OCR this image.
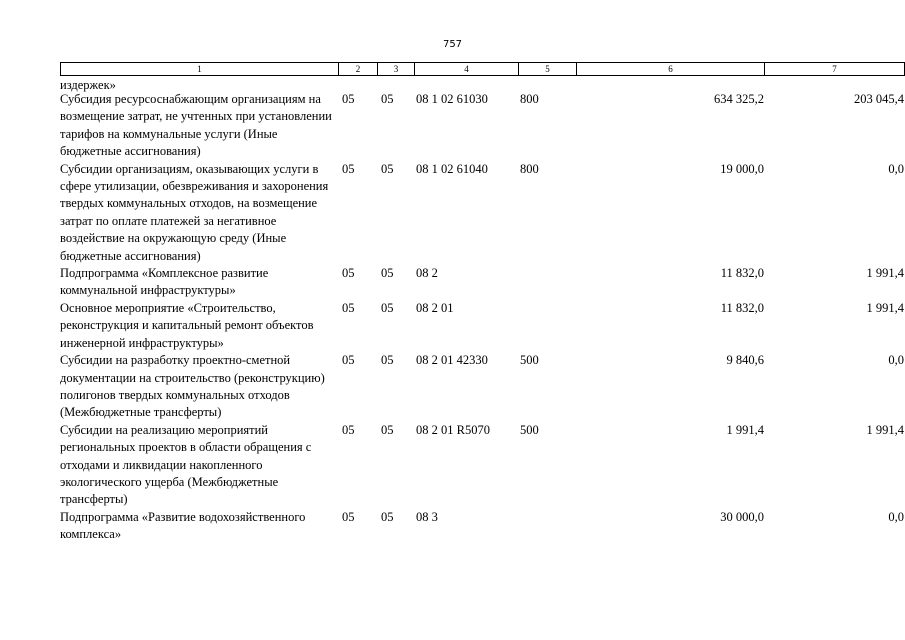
757
1	2	3	4	5	6	7
издержек»						
Субсидия ресурсоснабжающим организациям на возмещение затрат, не учтенных при установлении тарифов на коммунальные услуги (Иные бюджетные ассигнования)	05	05	08 1 02 61030	800	634 325,2	203 045,4
Субсидии организациям, оказывающих услуги в сфере утилизации, обезвреживания и захоронения твердых коммунальных отходов, на возмещение затрат по оплате платежей за негативное воздействие на окружающую среду (Иные бюджетные ассигнования)	05	05	08 1 02 61040	800	19 000,0	0,0
Подпрограмма «Комплексное развитие коммунальной инфраструктуры»	05	05	08 2		11 832,0	1 991,4
Основное мероприятие «Строительство, реконструкция и капитальный ремонт объектов инженерной инфраструктуры»	05	05	08 2 01		11 832,0	1 991,4
Субсидии на разработку проектно-сметной документации на строительство (реконструкцию) полигонов твердых коммунальных отходов (Межбюджетные трансферты)	05	05	08 2 01 42330	500	9 840,6	0,0
Субсидии на реализацию мероприятий региональных проектов в области обращения с отходами и ликвидации накопленного экологического ущерба (Межбюджетные трансферты)	05	05	08 2 01 R5070	500	1 991,4	1 991,4
Подпрограмма «Развитие водохозяйственного комплекса»	05	05	08 3		30 000,0	0,0
